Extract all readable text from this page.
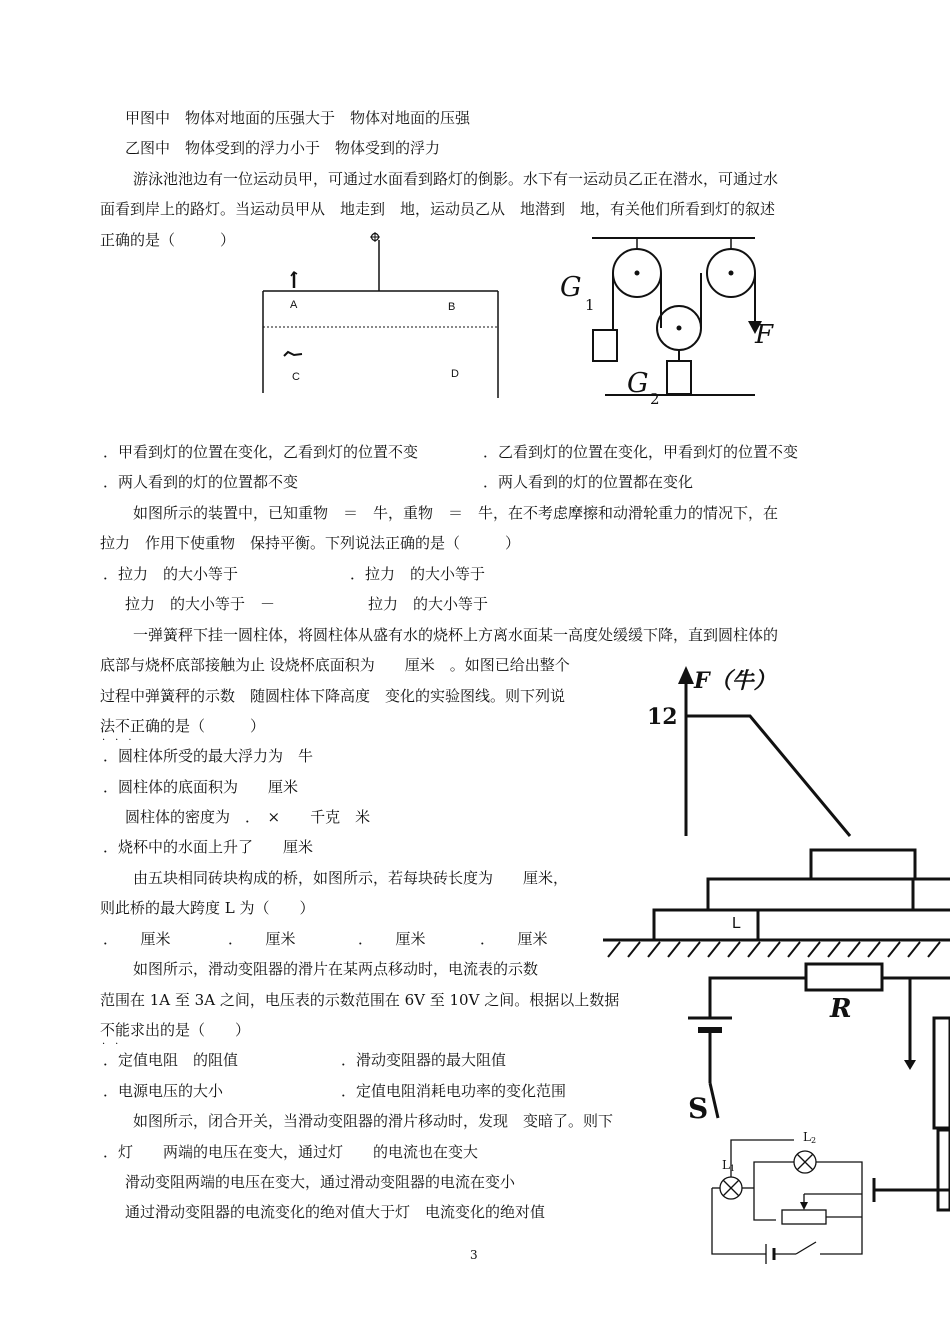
甲图中　物体对地面的压强大于　物体对地面的压强
乙图中　物体受到的浮力小于　物体受到的浮力
游泳池池边有一位运动员甲，可通过水面看到路灯的倒影。水下有一运动员乙正在潜水，可通过水
面看到岸上的路灯。当运动员甲从　地走到　地，运动员乙从　地潜到　地，有关他们所看到灯的叙述
正确的是（　　　）
．甲看到灯的位置在变化，乙看到灯的位置不变	．乙看到灯的位置在变化，甲看到灯的位置不变
．两人看到的灯的位置都不变	．两人看到的灯的位置都在变化
如图所示的装置中，已知重物　＝　牛，重物　＝　牛，在不考虑摩擦和动滑轮重力的情况下，在
拉力　作用下使重物　保持平衡。下列说法正确的是（　　　）
．拉力　的大小等于	．拉力　的大小等于
拉力　的大小等于　－	拉力　的大小等于
一弹簧秤下挂一圆柱体，将圆柱体从盛有水的烧杯上方离水面某一高度处缓缓下降，直到圆柱体的
底部与烧杯底部接触为止 设烧杯底面积为　　厘米　。如图已给出整个
过程中弹簧秤的示数　随圆柱体下降高度　变化的实验图线。则下列说
法不正确的是（　　　）
．圆柱体所受的最大浮力为　牛
．圆柱体的底面积为　　厘米
圆柱体的密度为　．　×　　千克　米
．烧杯中的水面上升了　　厘米
由五块相同砖块构成的桥，如图所示，若每块砖长度为　　厘米，
则此桥的最大跨度 L 为（　　）
．　　厘米	．　　厘米	．　　厘米	．　　厘米
如图所示，滑动变阻器的滑片在某两点移动时，电流表的示数
范围在 1A 至 3A 之间，电压表的示数范围在 6V 至 10V 之间。根据以上数据
不能求出的是（　　）
．定值电阻　的阻值	．滑动变阻器的最大阻值
．电源电压的大小	．定值电阻消耗电功率的变化范围
如图所示，闭合开关，当滑动变阻器的滑片移动时，发现　变暗了。则下
．灯　　两端的电压在变大，通过灯　　的电流也在变大
滑动变阻两端的电压在变大，通过滑动变阻器的电流在变小
通过滑动变阻器的电流变化的绝对值大于灯　电流变化的绝对值
···
··
A	B
C	D
G
1
G 2
F
F（牛）
12
L
R
S
L 1
L 2
3
